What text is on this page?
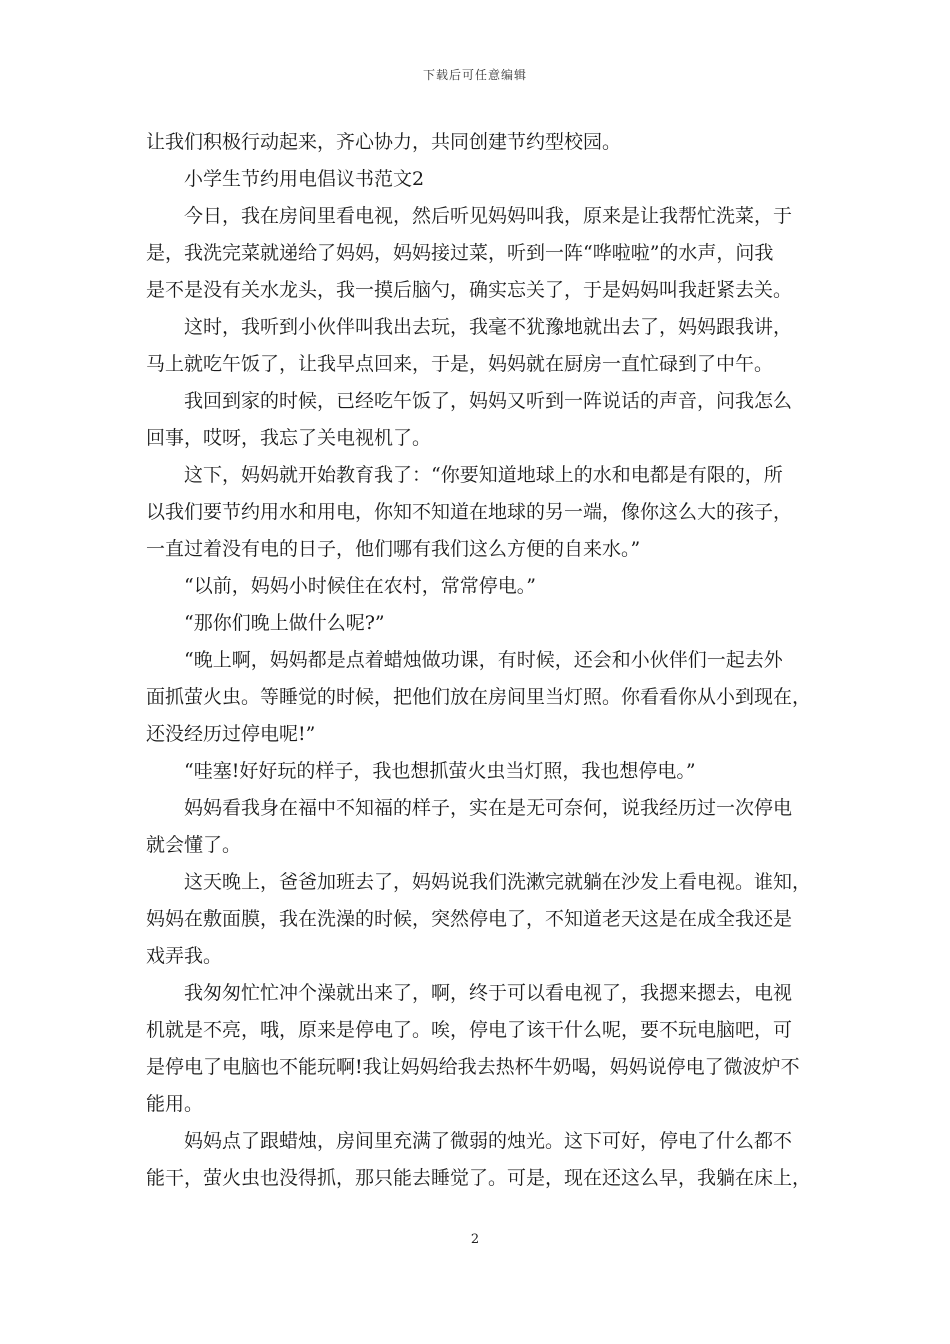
下载后可任意编辑
让我们积极行动起来，齐心协力，共同创建节约型校园。
小学生节约用电倡议书范文2
今日，我在房间里看电视，然后听见妈妈叫我，原来是让我帮忙洗菜，于
是，我洗完菜就递给了妈妈，妈妈接过菜，听到一阵“哗啦啦”的水声，问我
是不是没有关水龙头，我一摸后脑勺，确实忘关了，于是妈妈叫我赶紧去关。
这时，我听到小伙伴叫我出去玩，我毫不犹豫地就出去了，妈妈跟我讲，
马上就吃午饭了，让我早点回来，于是，妈妈就在厨房一直忙碌到了中午。
我回到家的时候，已经吃午饭了，妈妈又听到一阵说话的声音，问我怎么
回事，哎呀，我忘了关电视机了。
这下，妈妈就开始教育我了：“你要知道地球上的水和电都是有限的，所
以我们要节约用水和用电，你知不知道在地球的另一端，像你这么大的孩子，
一直过着没有电的日子，他们哪有我们这么方便的自来水。”
“以前，妈妈小时候住在农村，常常停电。”
“那你们晚上做什么呢?”
“晚上啊，妈妈都是点着蜡烛做功课，有时候，还会和小伙伴们一起去外
面抓萤火虫。等睡觉的时候，把他们放在房间里当灯照。你看看你从小到现在，
还没经历过停电呢!”
“哇塞!好好玩的样子，我也想抓萤火虫当灯照，我也想停电。”
妈妈看我身在福中不知福的样子，实在是无可奈何，说我经历过一次停电
就会懂了。
这天晚上，爸爸加班去了，妈妈说我们洗漱完就躺在沙发上看电视。谁知，
妈妈在敷面膜，我在洗澡的时候，突然停电了，不知道老天这是在成全我还是
戏弄我。
我匆匆忙忙冲个澡就出来了，啊，终于可以看电视了，我摁来摁去，电视
机就是不亮，哦，原来是停电了。唉，停电了该干什么呢，要不玩电脑吧，可
是停电了电脑也不能玩啊!我让妈妈给我去热杯牛奶喝，妈妈说停电了微波炉不
能用。
妈妈点了跟蜡烛，房间里充满了微弱的烛光。这下可好，停电了什么都不
能干，萤火虫也没得抓，那只能去睡觉了。可是，现在还这么早，我躺在床上，
2
